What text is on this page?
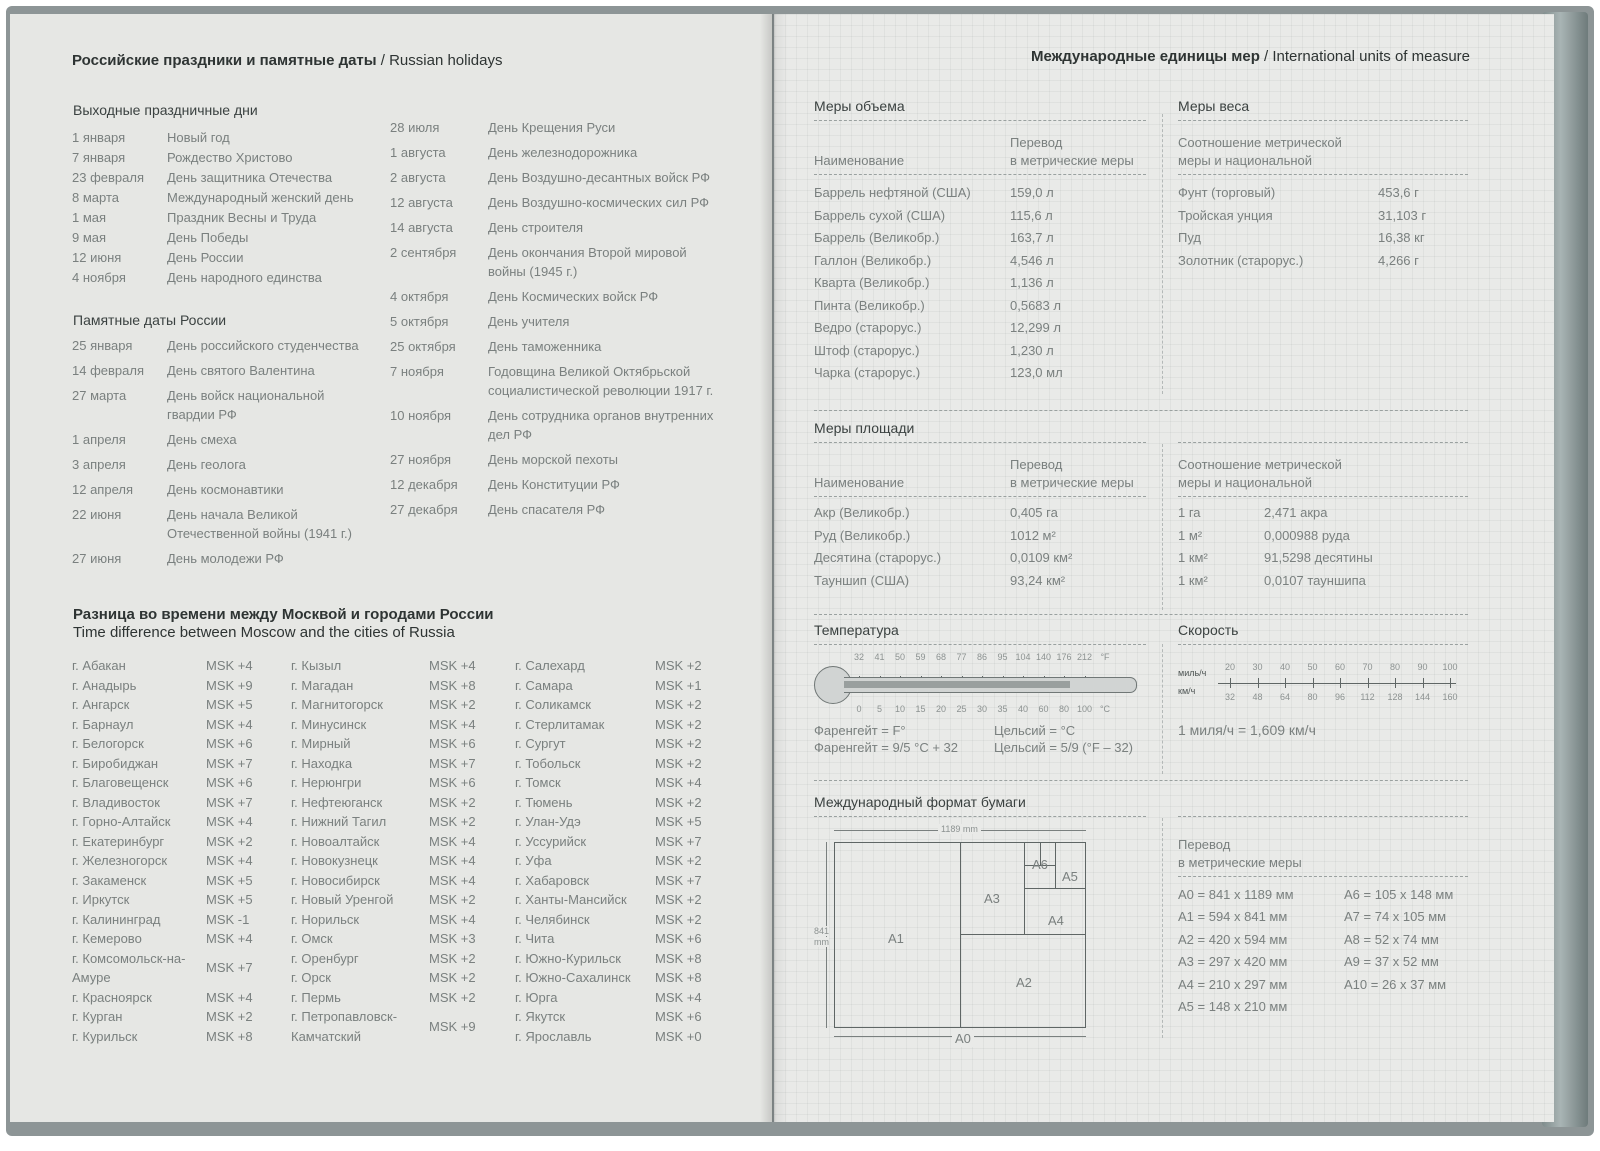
Российские праздники и памятные даты / Russian holidays
Выходные праздничные дни
1 января	Новый год
7 января	Рождество Христово
23 февраля	День защитника Отечества
8 марта	Международный женский день
1 мая	Праздник Весны и Труда
9 мая	День Победы
12 июня	День России
4 ноября	День народного единства
Памятные даты России
25 января	День российского студенчества
14 февраля	День святого Валентина
27 марта	День войск национальной гвардии РФ
1 апреля	День смеха
3 апреля	День геолога
12 апреля	День космонавтики
22 июня	День начала Великой Отечественной войны (1941 г.)
27 июня	День молодежи РФ
28 июля	День Крещения Руси
1 августа	День железнодорожника
2 августа	День Воздушно-десантных войск РФ
12 августа	День Воздушно-космических сил РФ
14 августа	День строителя
2 сентября	День окончания Второй мировой войны (1945 г.)
4 октября	День Космических войск РФ
5 октября	День учителя
25 октября	День таможенника
7 ноября	Годовщина Великой Октябрьской социалистической революции 1917 г.
10 ноября	День сотрудника органов внутренних дел РФ
27 ноября	День морской пехоты
12 декабря	День Конституции РФ
27 декабря	День спасателя РФ
Разница во времени между Москвой и городами России
Time difference between Moscow and the cities of Russia
г. Абакан	MSK +4
г. Анадырь	MSK +9
г. Ангарск	MSK +5
г. Барнаул	MSK +4
г. Белогорск	MSK +6
г. Биробиджан	MSK +7
г. Благовещенск	MSK +6
г. Владивосток	MSK +7
г. Горно-Алтайск	MSK +4
г. Екатеринбург	MSK +2
г. Железногорск	MSK +4
г. Закаменск	MSK +5
г. Иркутск	MSK +5
г. Калининград	MSK -1
г. Кемерово	MSK +4
г. Комсомольск-на-Амуре	MSK +7
г. Красноярск	MSK +4
г. Курган	MSK +2
г. Курильск	MSK +8
г. Кызыл	MSK +4
г. Магадан	MSK +8
г. Магнитогорск	MSK +2
г. Минусинск	MSK +4
г. Мирный	MSK +6
г. Находка	MSK +7
г. Нерюнгри	MSK +6
г. Нефтеюганск	MSK +2
г. Нижний Тагил	MSK +2
г. Новоалтайск	MSK +4
г. Новокузнецк	MSK +4
г. Новосибирск	MSK +4
г. Новый Уренгой	MSK +2
г. Норильск	MSK +4
г. Омск	MSK +3
г. Оренбург	MSK +2
г. Орск	MSK +2
г. Пермь	MSK +2
г. Петропавловск-Камчатский	MSK +9
г. Салехард	MSK +2
г. Самара	MSK +1
г. Соликамск	MSK +2
г. Стерлитамак	MSK +2
г. Сургут	MSK +2
г. Тобольск	MSK +2
г. Томск	MSK +4
г. Тюмень	MSK +2
г. Улан-Удэ	MSK +5
г. Уссурийск	MSK +7
г. Уфа	MSK +2
г. Хабаровск	MSK +7
г. Ханты-Мансийск	MSK +2
г. Челябинск	MSK +2
г. Чита	MSK +6
г. Южно-Курильск	MSK +8
г. Южно-Сахалинск	MSK +8
г. Юрга	MSK +4
г. Якутск	MSK +6
г. Ярославль	MSK +0
Международные единицы мер / International units of measure
Меры объема
Наименование
Перевод
в метрические меры
Баррель нефтяной (США)	159,0 л
Баррель сухой (США)	115,6 л
Баррель (Великобр.)	163,7 л
Галлон (Великобр.)	4,546 л
Кварта (Великобр.)	1,136 л
Пинта (Великобр.)	0,5683 л
Ведро (старорус.)	12,299 л
Штоф (старорус.)	1,230 л
Чарка (старорус.)	123,0 мл
Меры веса
Соотношение метрической
меры и национальной
Фунт (торговый)	453,6 г
Тройская унция	31,103 г
Пуд	16,38 кг
Золотник (старорус.)	4,266 г
Меры площади
Наименование
Перевод
в метрические меры
Акр (Великобр.)	0,405 га
Руд (Великобр.)	1012 м²
Десятина (старорус.)	0,0109 км²
Тауншип (США)	93,24 км²
Соотношение метрической
меры и национальной
1 га	2,471 акра
1 м²	0,000988 руда
1 км²	91,5298 десятины
1 км²	0,0107 тауншипа
Температура
32	41	50	59	68	77	86	95 104 140 176 212 °F
0	5	10	15	20	25	30	35	40	60	80 100 °C
Фаренгейт = F°
Фаренгейт = 9/5 °C + 32
Цельсий = °C
Цельсий = 5/9 (°F – 32)
Скорость
миль/ч
км/ч
20	30	40	50	60	70	80	90	100
32	48	64	80	96	112	128 144 160
1 миля/ч = 1,609 км/ч
Международный формат бумаги
1189 mm
841
mm	A1
A2
A3
A4
A5
A6
A0
Перевод
в метрические меры
A0 = 841 x 1189 мм
A1 = 594 x 841 мм
A2 = 420 x 594 мм
A3 = 297 x 420 мм
A4 = 210 x 297 мм
A5 = 148 x 210 мм
A6 = 105 x 148 мм
A7 = 74 x 105 мм
A8 = 52 x 74 мм
A9 = 37 x 52 мм
A10 = 26 x 37 мм
